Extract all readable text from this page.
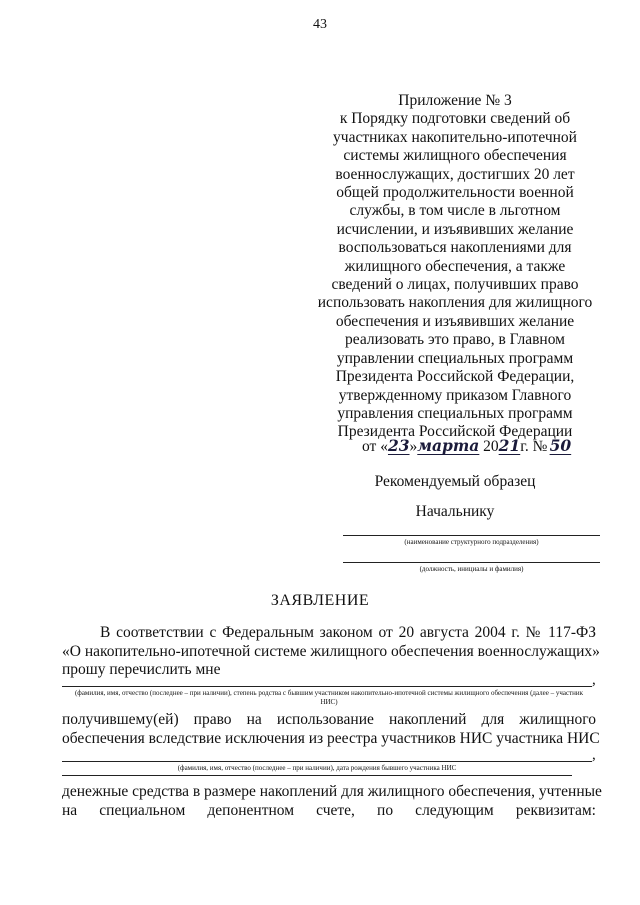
43
Приложение № 3
к Порядку подготовки сведений об
участниках накопительно-ипотечной
системы жилищного обеспечения
военнослужащих, достигших 20 лет
общей продолжительности военной
службы, в том числе в льготном
исчислении, и изъявивших желание
воспользоваться накоплениями для
жилищного обеспечения, а также
сведений о лицах, получивших право
использовать накопления для жилищного
обеспечения и изъявивших желание
реализовать это право, в Главном
управлении специальных программ
Президента Российской Федерации,
утвержденному приказом Главного
управления специальных программ
Президента Российской Федерации
от «23»марта 2021г. № 50
Рекомендуемый образец
Начальнику
(наименование структурного подразделения)
(должность, инициалы и фамилия)
ЗАЯВЛЕНИЕ
В соответствии с Федеральным законом от 20 августа 2004 г. № 117-ФЗ
«О накопительно-ипотечной системе жилищного обеспечения военнослужащих»
прошу перечислить мне
,
(фамилия, имя, отчество (последнее – при наличии), степень родства с бывшим участником накопительно-ипотечной системы жилищного обеспечения (далее – участник НИС)
получившему(ей) право на использование накоплений для жилищного
обеспечения вследствие исключения из реестра участников НИС участника НИС
,
(фамилия, имя, отчество (последнее – при наличии), дата рождения бывшего участника НИС
денежные средства в размере накоплений для жилищного обеспечения, учтенные
на специальном депонентном счете, по следующим реквизитам:
